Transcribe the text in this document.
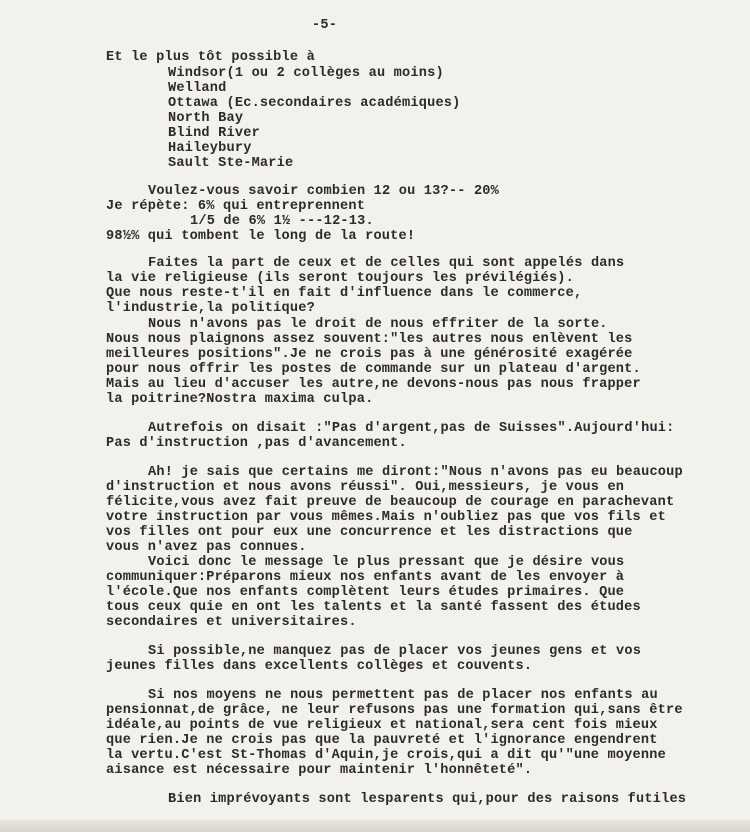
-5-
Et le plus tôt possible à
Windsor(1 ou 2 collèges au moins)
Welland
Ottawa (Ec.secondaires académiques)
North Bay
Blind River
Haileybury
Sault Ste-Marie
Voulez-vous savoir combien 12 ou 13?-- 20%
Je répète: 6% qui entreprennent
1/5 de 6% 1½ ---12-13.
98½% qui tombent le long de la route!
Faites la part de ceux et de celles qui sont appelés dans
la vie religieuse (ils seront toujours les prévilégiés).
Que nous reste-t'il en fait d'influence dans le commerce,
l'industrie,la politique?
Nous n'avons pas le droit de nous effriter de la sorte.
Nous nous plaignons assez souvent:"les autres nous enlèvent les
meilleures positions".Je ne crois pas à une générosité exagérée
pour nous offrir les postes de commande sur un plateau d'argent.
Mais au lieu d'accuser les autre,ne devons-nous pas nous frapper
la poitrine?Nostra maxima culpa.
Autrefois on disait :"Pas d'argent,pas de Suisses".Aujourd'hui:
Pas d'instruction ,pas d'avancement.
Ah! je sais que certains me diront:"Nous n'avons pas eu beaucoup
d'instruction et nous avons réussi". Oui,messieurs, je vous en
félicite,vous avez fait preuve de beaucoup de courage en parachevant
votre instruction par vous mêmes.Mais n'oubliez pas que vos fils et
vos filles ont pour eux une concurrence et les distractions que
vous n'avez pas connues.
Voici donc le message le plus pressant que je désire vous
communiquer:Préparons mieux nos enfants avant de les envoyer à
l'école.Que nos enfants complètent leurs études primaires. Que
tous ceux quie en ont les talents et la santé fassent des études
secondaires et universitaires.
Si possible,ne manquez pas de placer vos jeunes gens et vos
jeunes filles dans excellents collèges et couvents.
Si nos moyens ne nous permettent pas de placer nos enfants au
pensionnat,de grâce, ne leur refusons pas une formation qui,sans être
idéale,au points de vue religieux et national,sera cent fois mieux
que rien.Je ne crois pas que la pauvreté et l'ignorance engendrent
la vertu.C'est St-Thomas d'Aquin,je crois,qui a dit qu'"une moyenne
aisance est nécessaire pour maintenir l'honnêteté".
Bien imprévoyants sont lesparents qui,pour des raisons futiles
